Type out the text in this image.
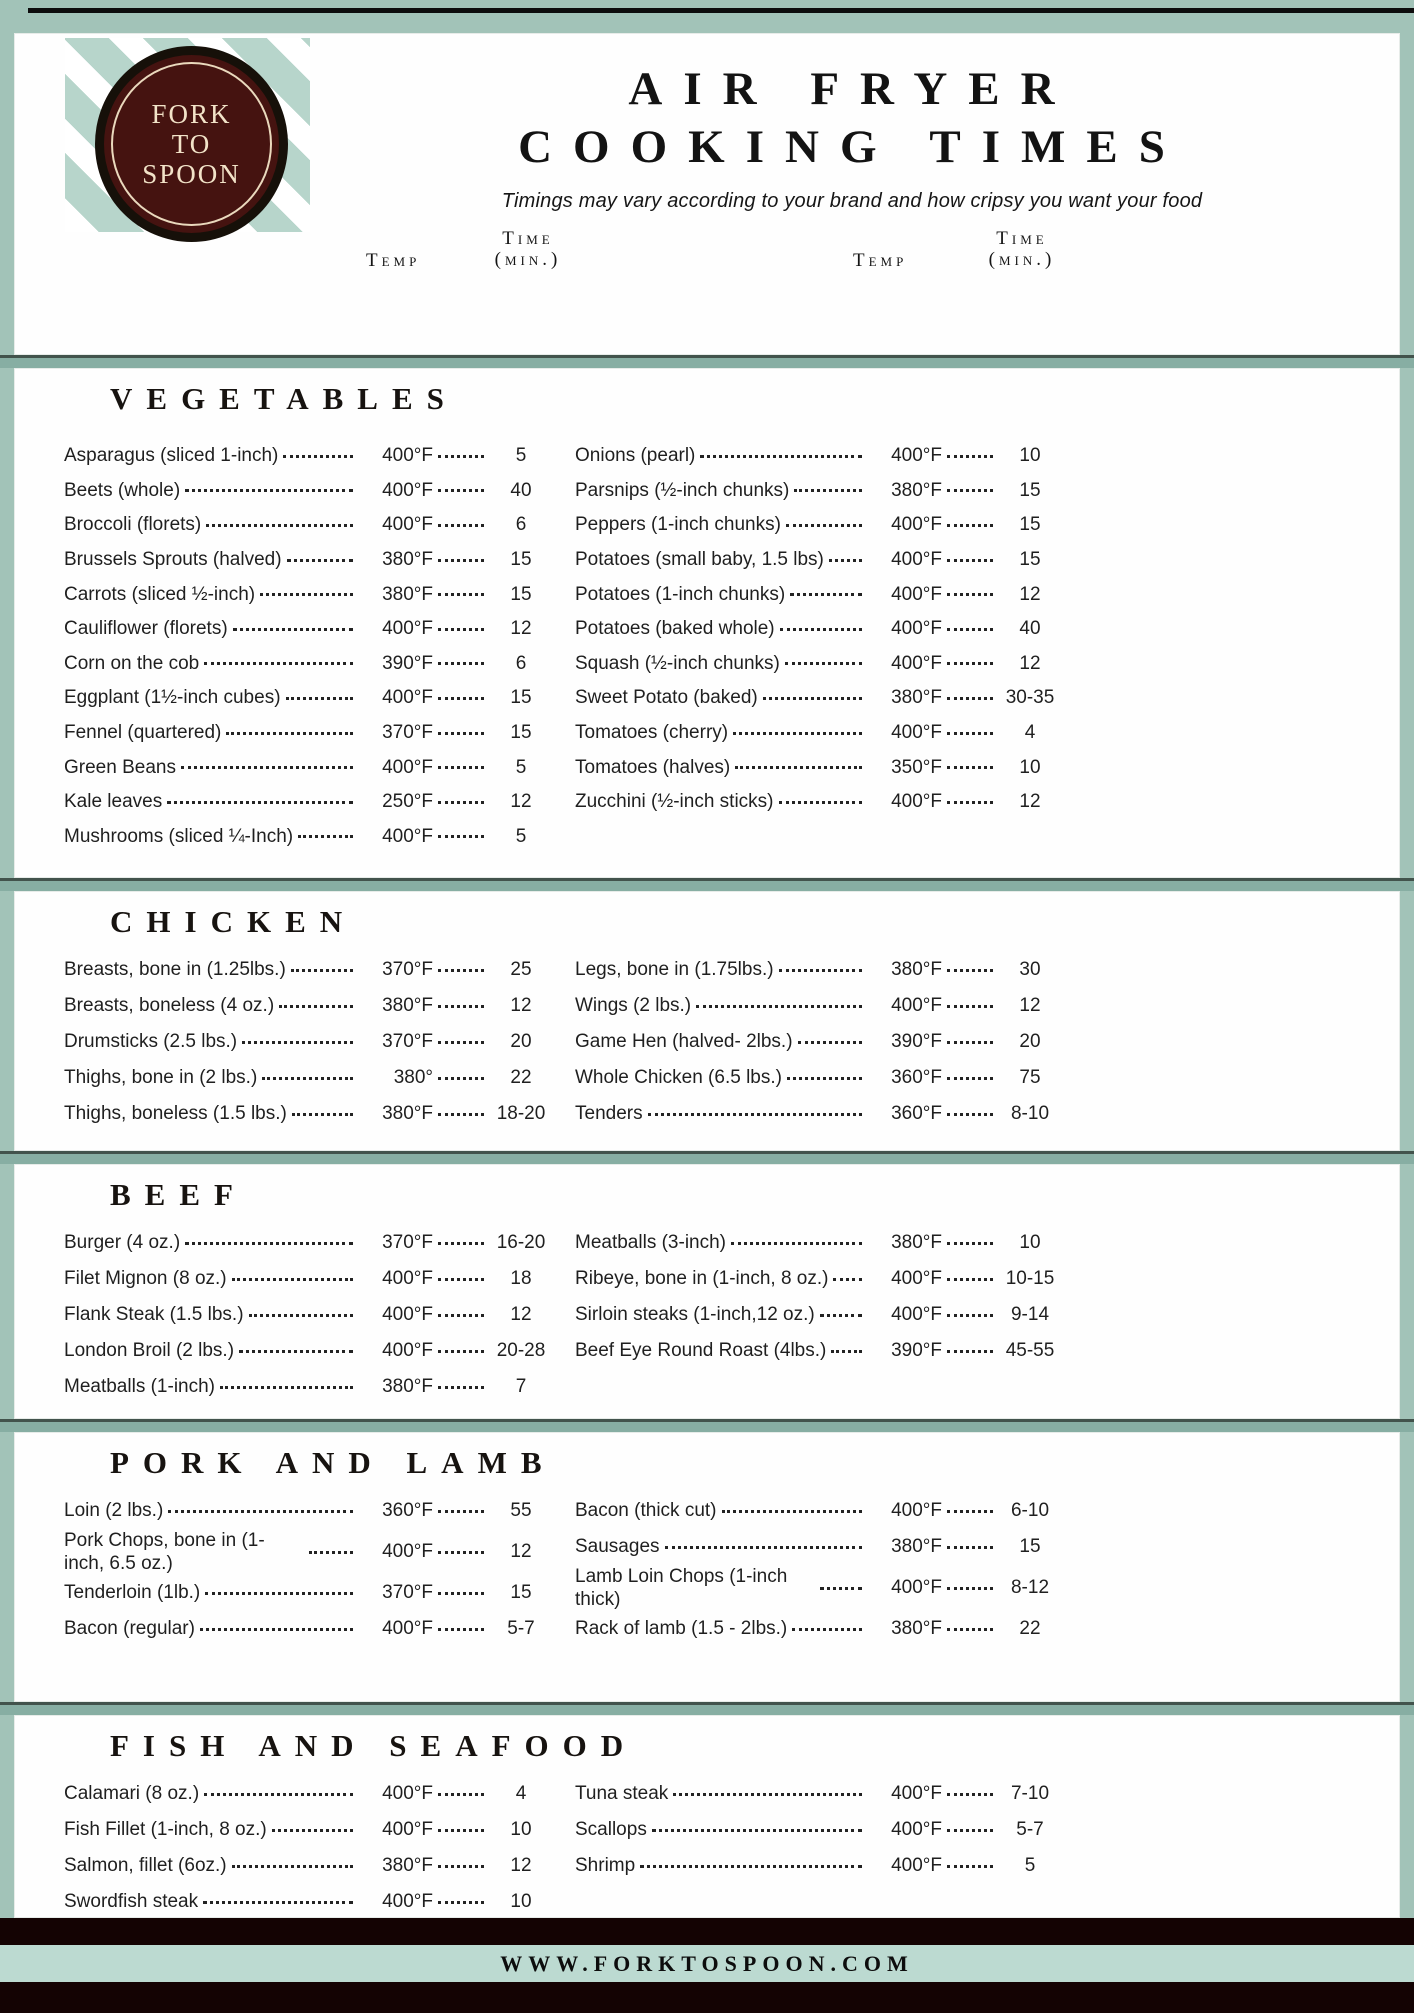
FORK
TO
SPOON
AIR FRYER
COOKING TIMES
Timings may vary according to your brand and how cripsy you want your food
Temp
Time
(min.)	Temp
Time
(min.)
VEGETABLES
Asparagus (sliced 1-inch)	400°F	5
Beets (whole)	400°F	40
Broccoli (florets)	400°F	6
Brussels Sprouts (halved)	380°F	15
Carrots (sliced ½-inch)	380°F	15
Cauliflower (florets)	400°F	12
Corn on the cob	390°F	6
Eggplant (1½-inch cubes)	400°F	15
Fennel (quartered)	370°F	15
Green Beans	400°F	5
Kale leaves	250°F	12
Mushrooms (sliced ¼-Inch)	400°F	5
Onions (pearl)	400°F	10
Parsnips (½-inch chunks)	380°F	15
Peppers (1-inch chunks)	400°F	15
Potatoes (small baby, 1.5 lbs)	400°F	15
Potatoes (1-inch chunks)	400°F	12
Potatoes (baked whole)	400°F	40
Squash (½-inch chunks)	400°F	12
Sweet Potato (baked)	380°F	30-35
Tomatoes (cherry)	400°F	4
Tomatoes (halves)	350°F	10
Zucchini (½-inch sticks)	400°F	12
CHICKEN
Breasts, bone in (1.25lbs.)	370°F	25
Breasts, boneless (4 oz.)	380°F	12
Drumsticks (2.5 lbs.)	370°F	20
Thighs, bone in (2 lbs.)	380°	22
Thighs, boneless (1.5 lbs.)	380°F	18-20
Legs, bone in (1.75lbs.)	380°F	30
Wings (2 lbs.)	400°F	12
Game Hen (halved- 2lbs.)	390°F	20
Whole Chicken (6.5 lbs.)	360°F	75
Tenders	360°F	8-10
BEEF
Burger (4 oz.)	370°F	16-20
Filet Mignon (8 oz.)	400°F	18
Flank Steak (1.5 lbs.)	400°F	12
London Broil (2 lbs.)	400°F	20-28
Meatballs (1-inch)	380°F	7
Meatballs (3-inch)	380°F	10
Ribeye, bone in (1-inch, 8 oz.)	400°F	10-15
Sirloin steaks (1-inch,12 oz.)	400°F	9-14
Beef Eye Round Roast (4lbs.)	390°F	45-55
PORK AND LAMB
Loin (2 lbs.)	360°F	55
Pork Chops, bone in (1-inch, 6.5 oz.)
400°F	12
Tenderloin (1lb.)	370°F	15
Bacon (regular)	400°F	5-7
Bacon (thick cut)	400°F	6-10
Sausages	380°F	15
Lamb Loin Chops (1-inch thick)
400°F	8-12
Rack of lamb (1.5 - 2lbs.)	380°F	22
FISH AND SEAFOOD
Calamari (8 oz.)	400°F	4
Fish Fillet (1-inch, 8 oz.)	400°F	10
Salmon, fillet (6oz.)	380°F	12
Swordfish steak	400°F	10
Tuna steak	400°F	7-10
Scallops	400°F	5-7
Shrimp	400°F	5
WWW.FORKTOSPOON.COM
